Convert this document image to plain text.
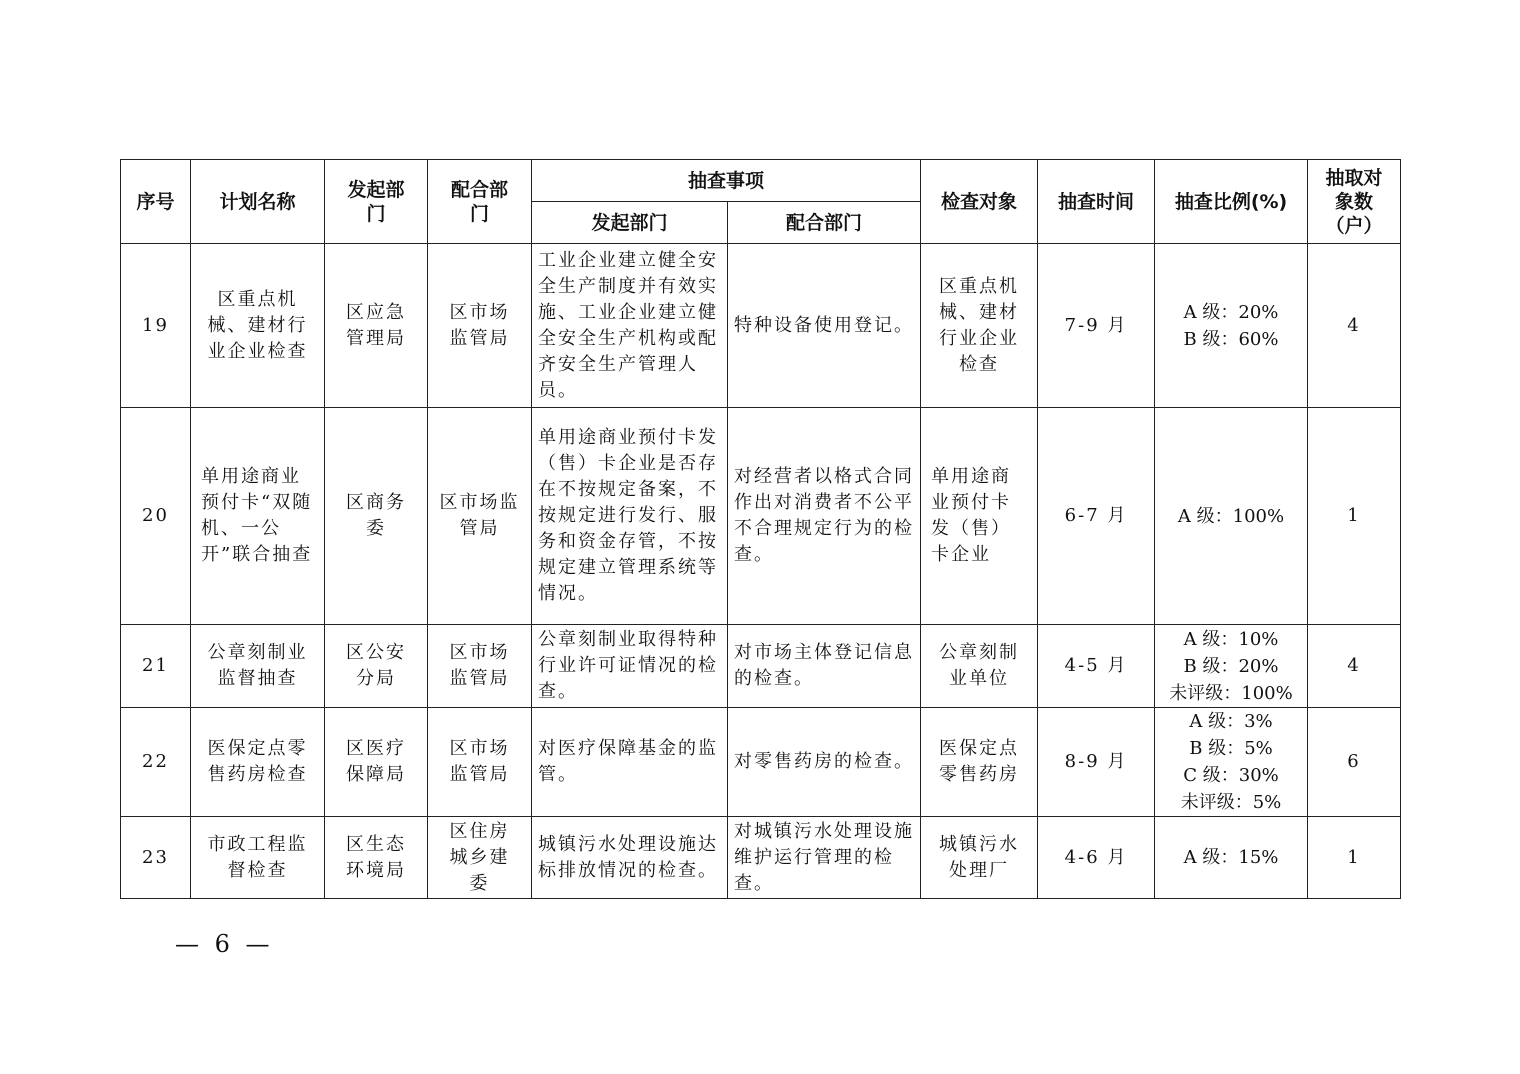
序号	计划名称	发起部门	配合部门	抽查事项		检查对象	抽查时间	抽查比例(%)	抽取对象数（户）
				发起部门	配合部门				
19	区重点机械、建材行业企业检查	区应急管理局	区市场监管局	工业企业建立健全安全生产制度并有效实施、工业企业建立健全安全生产机构或配齐安全生产管理人员。	特种设备使用登记。	区重点机械、建材行业企业检查	7-9 月	A 级：20%
B 级：60%	4
20	单用途商业预付卡“双随机、一公开”联合抽查	区商务委	区市场监管局	单用途商业预付卡发（售）卡企业是否存在不按规定备案，不按规定进行发行、服务和资金存管，不按规定建立管理系统等情况。	对经营者以格式合同作出对消费者不公平不合理规定行为的检查。	单用途商业预付卡发（售）卡企业	6-7 月	A 级：100%	1
21	公章刻制业监督抽查	区公安分局	区市场监管局	公章刻制业取得特种行业许可证情况的检查。	对市场主体登记信息的检查。	公章刻制业单位	4-5 月	A 级：10%
B 级：20%
未评级：100%	4
22	医保定点零售药房检查	区医疗保障局	区市场监管局	对医疗保障基金的监管。	对零售药房的检查。	医保定点零售药房	8-9 月	A 级：3%
B 级：5%
C 级：30%
未评级：5%	6
23	市政工程监督检查	区生态环境局	区住房城乡建委	城镇污水处理设施达标排放情况的检查。	对城镇污水处理设施维护运行管理的检查。	城镇污水处理厂	4-6 月	A 级：15%	1
— 6 —
